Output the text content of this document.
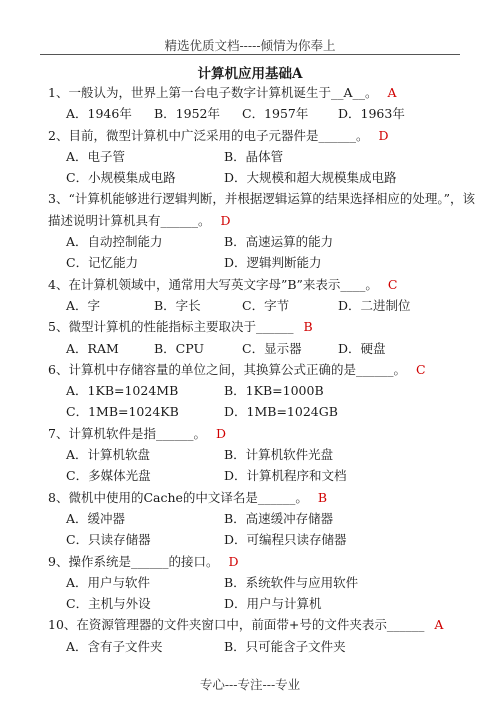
精选优质文档-----倾情为你奉上
计算机应用基础A
1、一般认为，世界上第一台电子数字计算机诞生于__A__。 A
A．1946年	B．1952年	C．1957年	D．1963年
2、目前，微型计算机中广泛采用的电子元器件是______。 D
A．电子管	B．晶体管
C．小规模集成电路	D．大规模和超大规模集成电路
3、“计算机能够进行逻辑判断，并根据逻辑运算的结果选择相应的处理。”，该
描述说明计算机具有______。 D
A．自动控制能力	B．高速运算的能力
C．记忆能力	D．逻辑判断能力
4、在计算机领域中，通常用大写英文字母”B”来表示____。 C
A．字	B．字长	C．字节	D．二进制位
5、微型计算机的性能指标主要取决于______ B
A．RAM	B．CPU	C．显示器	D．硬盘
6、计算机中存储容量的单位之间，其换算公式正确的是______。 C
A．1KB=1024MB	B．1KB=1000B
C．1MB=1024KB	D．1MB=1024GB
7、计算机软件是指______。 D
A．计算机软盘	B．计算机软件光盘
C．多媒体光盘	D．计算机程序和文档
8、微机中使用的Cache的中文译名是______。 B
A．缓冲器	B．高速缓冲存储器
C．只读存储器	D．可编程只读存储器
9、操作系统是______的接口。 D
A．用户与软件	B．系统软件与应用软件
C．主机与外设	D．用户与计算机
10、在资源管理器的文件夹窗口中，前面带+号的文件夹表示______ A
A．含有子文件夹	B．只可能含子文件夹
专心---专注---专业
